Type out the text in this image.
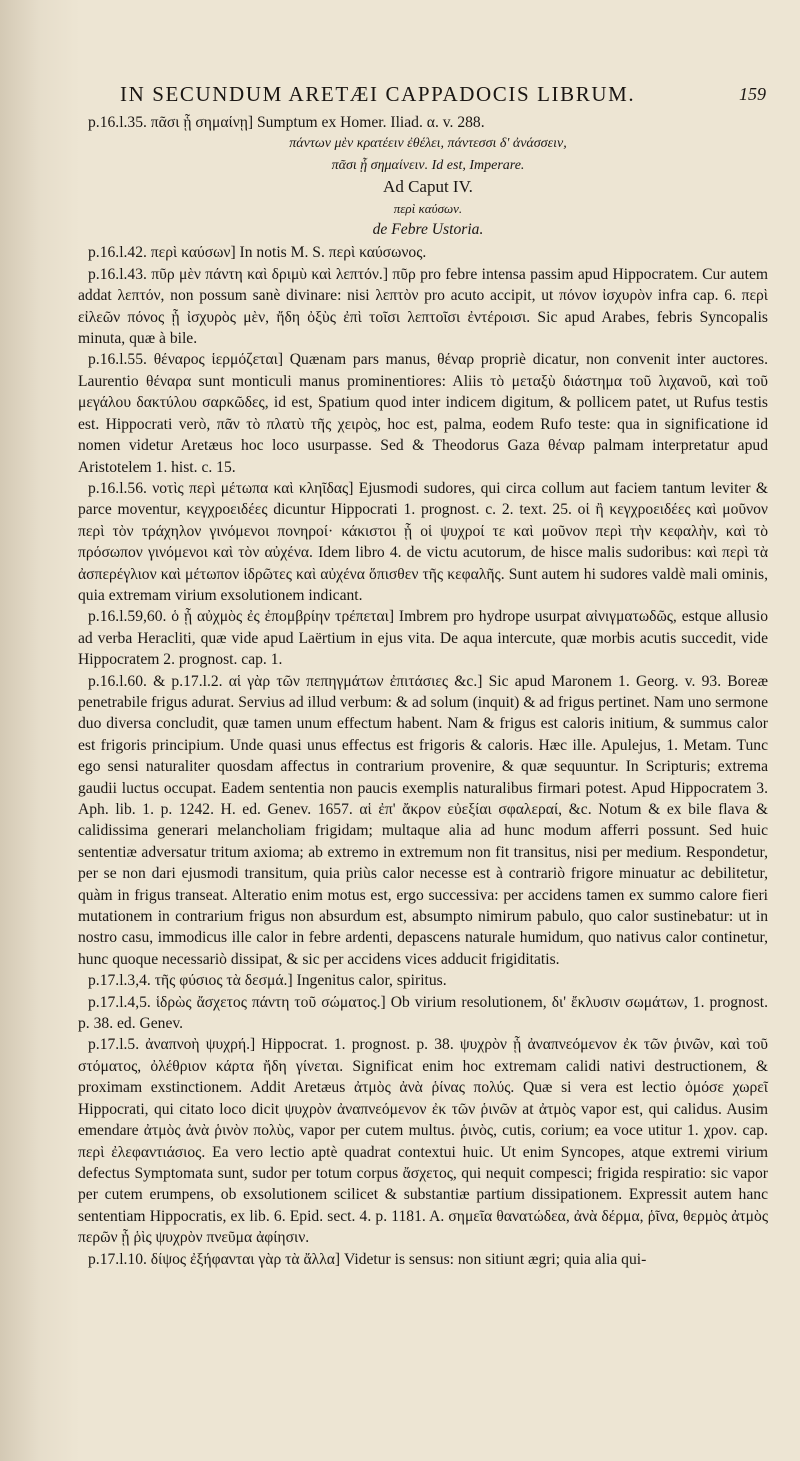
IN SECUNDUM ARETÆI CAPPADOCIS LIBRUM.	159

p.16.l.35. πᾶσι ᾗ σημαίνῃ] Sumptum ex Homer. Iliad. α. v. 288.

πάντων μὲν κρατέειν ἐθέλει, πάντεσσι δ' ἀνάσσειν,

πᾶσι ᾗ σημαίνειν. Id est, Imperare.

Ad Caput IV.

περὶ καύσων.

de Febre Ustoria.

p.16.l.42. περὶ καύσων] In notis M. S. περὶ καύσωνος.

p.16.l.43. πῦρ μὲν πάντη καὶ δριμὺ καὶ λεπτόν.] πῦρ pro febre intensa passim apud Hippocratem. Cur autem addat λεπτόν, non possum sanè divinare: nisi λεπτὸν pro acuto accipit, ut πόνον ἰσχυρὸν infra cap. 6. περὶ εἰλεῶν πόνος ᾗ ἰσχυρὸς μὲν, ἤδη ὀξὺς ἐπὶ τοῖσι λεπτοῖσι ἐντέροισι. Sic apud Arabes, febris Syncopalis minuta, quæ à bile.

p.16.l.55. θέναρος ἱερμόζεται] Quænam pars manus, θέναρ propriè dicatur, non convenit inter auctores. Laurentio θέναρα sunt monticuli manus prominentiores: Aliis τὸ μεταξὺ διάστημα τοῦ λιχανοῦ, καὶ τοῦ μεγάλου δακτύλου σαρκῶδες, id est, Spatium quod inter indicem digitum, & pollicem patet, ut Rufus testis est. Hippocrati verò, πᾶν τὸ πλατὺ τῆς χειρὸς, hoc est, palma, eodem Rufo teste: qua in significatione id nomen videtur Aretæus hoc loco usurpasse. Sed & Theodorus Gaza θέναρ palmam interpretatur apud Aristotelem 1. hist. c. 15.

p.16.l.56. νοτὶς περὶ μέτωπα καὶ κληῖδας] Ejusmodi sudores, qui circa collum aut faciem tantum leviter & parce moventur, κεγχροειδέες dicuntur Hippocrati 1. prognost. c. 2. text. 25. οἱ ἢ κεγχροειδέες καὶ μοῦνον περὶ τὸν τράχηλον γινόμενοι πονηροί· κάκιστοι ᾗ οἱ ψυχροί τε καὶ μοῦνον περὶ τὴν κεφαλὴν, καὶ τὸ πρόσωπον γινόμενοι καὶ τὸν αὐχένα. Idem libro 4. de victu acutorum, de hisce malis sudoribus: καὶ περὶ τὰ ἀσπερέγλιον καὶ μέτωπον ἱδρῶτες καὶ αὐχένα ὅπισθεν τῆς κεφαλῆς. Sunt autem hi sudores valdè mali ominis, quia extremam virium exsolutionem indicant.

p.16.l.59,60. ὁ ᾗ αὐχμὸς ἐς ἐπομβρίην τρέπεται] Imbrem pro hydrope usurpat αἰνιγματωδῶς, estque allusio ad verba Heracliti, quæ vide apud Laërtium in ejus vita. De aqua intercute, quæ morbis acutis succedit, vide Hippocratem 2. prognost. cap. 1.

p.16.l.60. & p.17.l.2. αἱ γὰρ τῶν πεπηγμάτων ἐπιτάσιες &c.] Sic apud Maronem 1. Georg. v. 93. Boreæ penetrabile frigus adurat. Servius ad illud verbum: & ad solum (inquit) & ad frigus pertinet. Nam uno sermone duo diversa concludit, quæ tamen unum effectum habent. Nam & frigus est caloris initium, & summus calor est frigoris principium. Unde quasi unus effectus est frigoris & caloris. Hæc ille. Apulejus, 1. Metam. Tunc ego sensi naturaliter quosdam affectus in contrarium provenire, & quæ sequuntur. In Scripturis; extrema gaudii luctus occupat. Eadem sententia non paucis exemplis naturalibus firmari potest. Apud Hippocratem 3. Aph. lib. 1. p. 1242. H. ed. Genev. 1657. αἱ ἐπ' ἄκρον εὐεξίαι σφαλεραί, &c. Notum & ex bile flava & calidissima generari melancholiam frigidam; multaque alia ad hunc modum afferri possunt. Sed huic sententiæ adversatur tritum axioma; ab extremo in extremum non fit transitus, nisi per medium. Respondetur, per se non dari ejusmodi transitum, quia priùs calor necesse est à contrariò frigore minuatur ac debilitetur, quàm in frigus transeat. Alteratio enim motus est, ergo successiva: per accidens tamen ex summo calore fieri mutationem in contrarium frigus non absurdum est, absumpto nimirum pabulo, quo calor sustinebatur: ut in nostro casu, immodicus ille calor in febre ardenti, depascens naturale humidum, quo nativus calor continetur, hunc quoque necessariò dissipat, & sic per accidens vices adducit frigiditatis.

p.17.l.3,4. τῆς φύσιος τὰ δεσμά.] Ingenitus calor, spiritus.

p.17.l.4,5. ἱδρὼς ἄσχετος πάντη τοῦ σώματος.] Ob virium resolutionem, δι' ἔκλυσιν σωμάτων, 1. prognost. p. 38. ed. Genev.

p.17.l.5. ἀναπνοὴ ψυχρή.] Hippocrat. 1. prognost. p. 38. ψυχρὸν ᾗ ἀναπνεόμενον ἐκ τῶν ῥινῶν, καὶ τοῦ στόματος, ὀλέθριον κάρτα ἤδη γίνεται. Significat enim hoc extremam calidi nativi destructionem, & proximam exstinctionem. Addit Aretæus ἀτμὸς ἀνὰ ῥίνας πολύς. Quæ si vera est lectio ὁμόσε χωρεῖ Hippocrati, qui citato loco dicit ψυχρὸν ἀναπνεόμενον ἐκ τῶν ῥινῶν at ἀτμὸς vapor est, qui calidus. Ausim emendare ἀτμὸς ἀνὰ ῥινὸν πολὺς, vapor per cutem multus. ῥινὸς, cutis, corium; ea voce utitur 1. χρον. cap. περὶ ἐλεφαντιάσιος. Ea vero lectio aptè quadrat contextui huic. Ut enim Syncopes, atque extremi virium defectus Symptomata sunt, sudor per totum corpus ἄσχετος, qui nequit compesci; frigida respiratio: sic vapor per cutem erumpens, ob exsolutionem scilicet & substantiæ partium dissipationem. Expressit autem hanc sententiam Hippocratis, ex lib. 6. Epid. sect. 4. p. 1181. A. σημεῖα θανατώδεα, ἀνὰ δέρμα, ῥῖνα, θερμὸς ἀτμὸς περῶν ᾗ ῥὶς ψυχρὸν πνεῦμα ἀφίησιν.

p.17.l.10. δίψος ἐξήφανται γὰρ τὰ ἄλλα] Videtur is sensus: non sitiunt ægri; quia alia qui-
